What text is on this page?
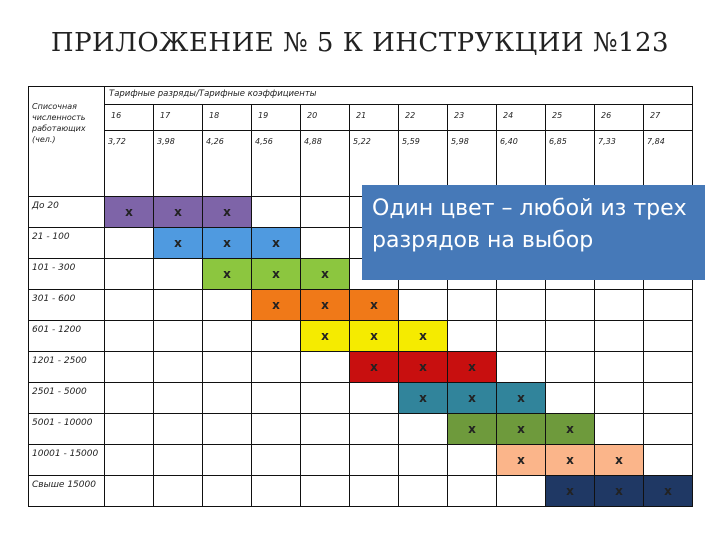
ПРИЛОЖЕНИЕ № 5 К ИНСТРУКЦИИ №123
Списочная численность работающих (чел.)	Тарифные разряды/Тарифные коэффициенты											
	16	17	18	19	20	21	22	23	24	25	26	27
	3,72	3,98	4,26	4,56	4,88	5,22	5,59	5,98	6,40	6,85	7,33	7,84
До 20	x	x	x									
21 - 100		x	x	x								
101 - 300			x	x	x							
301 - 600				x	x	x						
601 - 1200					x	x	x					
1201 - 2500						x	x	x				
2501 - 5000							x	x	x			
5001 - 10000								x	x	x		
10001 - 15000									x	x	x	
Свыше 15000										x	x	x
Один цвет – любой из трех разрядов на выбор
